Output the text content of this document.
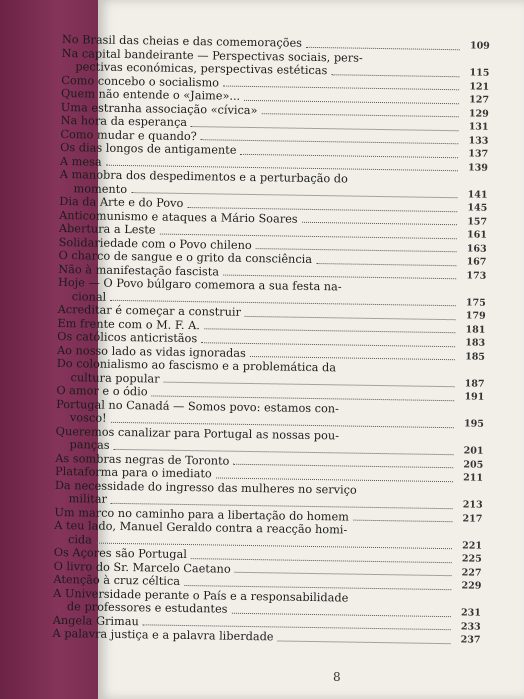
No Brasil das cheias e das comemorações	109
Na capital bandeirante — Perspectivas sociais, pers-
pectivas económicas, perspectivas estéticas	115
Como concebo o socialismo	121
Quem não entende o «Jaime»...	127
Uma estranha associação «cívica»	129
Na hora da esperança	131
Como mudar e quando?	133
Os dias longos de antigamente	137
A mesa	139
A manobra dos despedimentos e a perturbação do
momento	141
Dia da Arte e do Povo	145
Anticomunismo e ataques a Mário Soares	157
Abertura a Leste	161
Solidariedade com o Povo chileno	163
O charco de sangue e o grito da consciência	167
Não à manifestação fascista	173
Hoje — O Povo búlgaro comemora a sua festa na-
cional	175
Acreditar é começar a construir	179
Em frente com o M. F. A.	181
Os católicos anticristãos	183
Ao nosso lado as vidas ignoradas	185
Do colonialismo ao fascismo e a problemática da
cultura popular	187
O amor e o ódio	191
Portugal no Canadá — Somos povo: estamos con-
vosco!	195
Queremos canalizar para Portugal as nossas pou-
panças	201
As sombras negras de Toronto	205
Plataforma para o imediato	211
Da necessidade do ingresso das mulheres no serviço
militar	213
Um marco no caminho para a libertação do homem	217
A teu lado, Manuel Geraldo contra a reacção homi-
cida	221
Os Açores são Portugal	225
O livro do Sr. Marcelo Caetano	227
Atenção à cruz céltica	229
A Universidade perante o País e a responsabilidade
de professores e estudantes	231
Angela Grimau	233
A palavra justiça e a palavra liberdade	237
8
